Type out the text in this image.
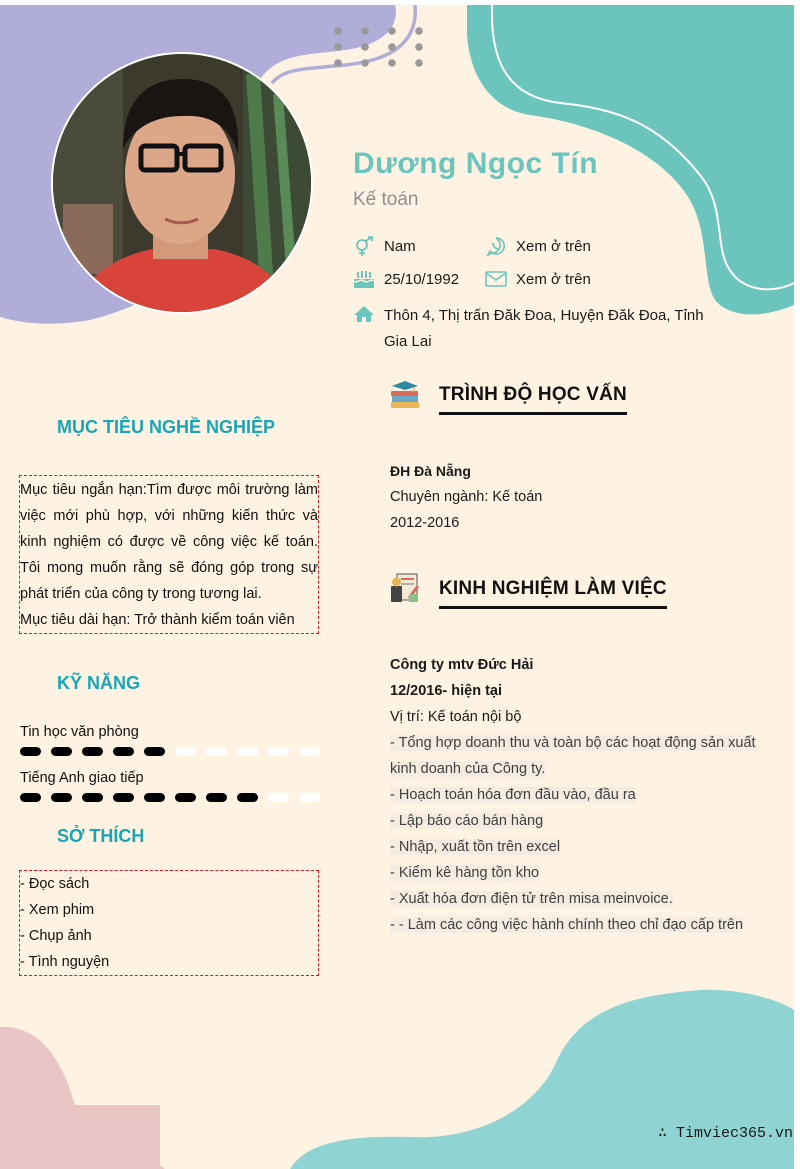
Dương Ngọc Tín
Kế toán
Nam	Xem ở trên
25/10/1992	Xem ở trên
Thôn 4, Thị trấn Đăk Đoa, Huyện Đăk Đoa, Tỉnh Gia Lai
MỤC TIÊU NGHỀ NGHIỆP

Mục tiêu ngắn hạn:Tìm được môi trường làm việc mới phù hợp, với những kiến thức và kinh nghiệm có được về công việc kế toán. Tôi mong muốn rằng sẽ đóng góp trong sự phát triển của công ty trong tương lai.

Mục tiêu dài hạn: Trở thành kiểm toán viên

KỸ NĂNG
Tin học văn phòng
Tiếng Anh giao tiếp
SỞ THÍCH
- Đọc sách
- Xem phim
- Chụp ảnh
- Tình nguyện
TRÌNH ĐỘ HỌC VẤN
ĐH Đà Nẵng
Chuyên ngành: Kế toán
2012-2016
KINH NGHIỆM LÀM VIỆC
Công ty mtv Đức Hải
12/2016- hiện tại
Vị trí: Kế toán nội bộ
- Tổng hợp doanh thu và toàn bộ các hoạt động sản xuất kinh doanh của Công ty.
- Hoạch toán hóa đơn đầu vào, đầu ra
- Lập báo cáo bán hàng
- Nhập, xuất tồn trên excel
- Kiểm kê hàng tồn kho
- Xuất hóa đơn điện tử trên misa meinvoice.
- - Làm các công việc hành chính theo chỉ đạo cấp trên
∴ Timviec365.vn
